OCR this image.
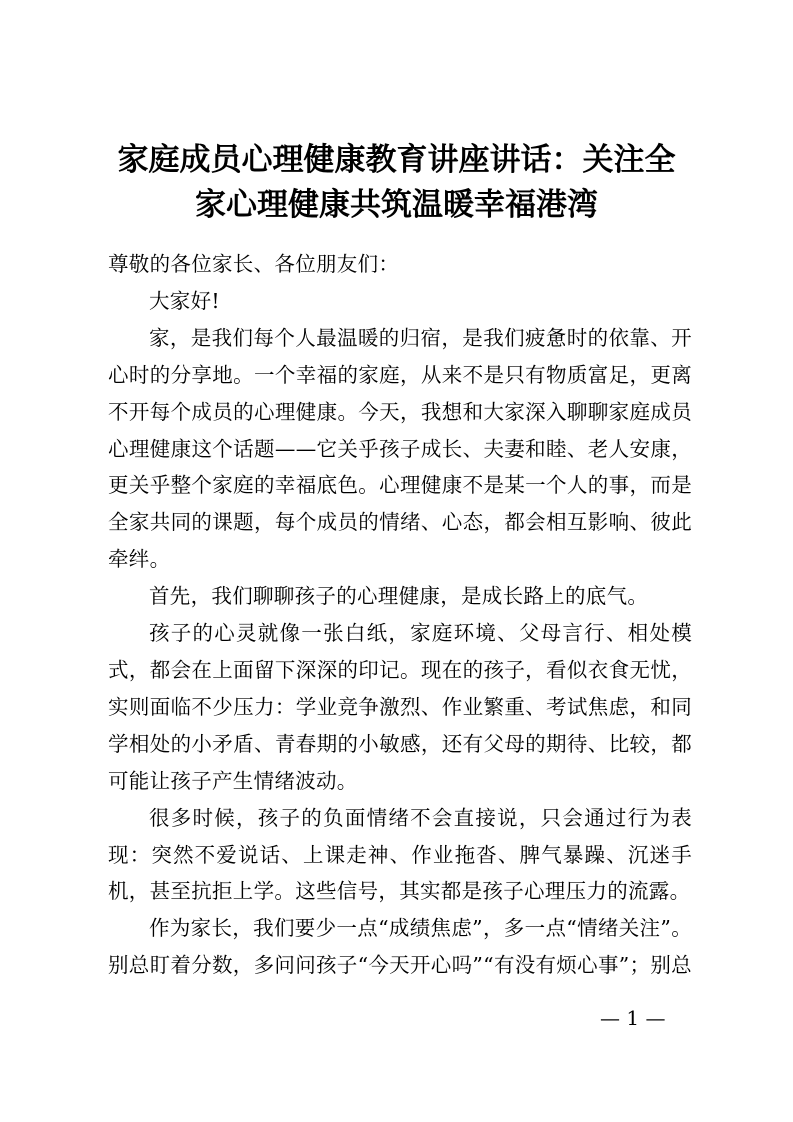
家庭成员心理健康教育讲座讲话：关注全
家心理健康共筑温暖幸福港湾

尊敬的各位家长、各位朋友们：

大家好!

家，是我们每个人最温暖的归宿，是我们疲惫时的依靠、开心时的分享地。一个幸福的家庭，从来不是只有物质富足，更离不开每个成员的心理健康。今天，我想和大家深入聊聊家庭成员心理健康这个话题——它关乎孩子成长、夫妻和睦、老人安康，更关乎整个家庭的幸福底色。心理健康不是某一个人的事，而是全家共同的课题，每个成员的情绪、心态，都会相互影响、彼此牵绊。

首先，我们聊聊孩子的心理健康，是成长路上的底气。

孩子的心灵就像一张白纸，家庭环境、父母言行、相处模式，都会在上面留下深深的印记。现在的孩子，看似衣食无忧，实则面临不少压力：学业竞争激烈、作业繁重、考试焦虑，和同学相处的小矛盾、青春期的小敏感，还有父母的期待、比较，都可能让孩子产生情绪波动。

很多时候，孩子的负面情绪不会直接说，只会通过行为表现：突然不爱说话、上课走神、作业拖沓、脾气暴躁、沉迷手机，甚至抗拒上学。这些信号，其实都是孩子心理压力的流露。

作为家长，我们要少一点“成绩焦虑”，多一点“情绪关注”。别总盯着分数，多问问孩子“今天开心吗”“有没有烦心事”；别总

— 1 —
